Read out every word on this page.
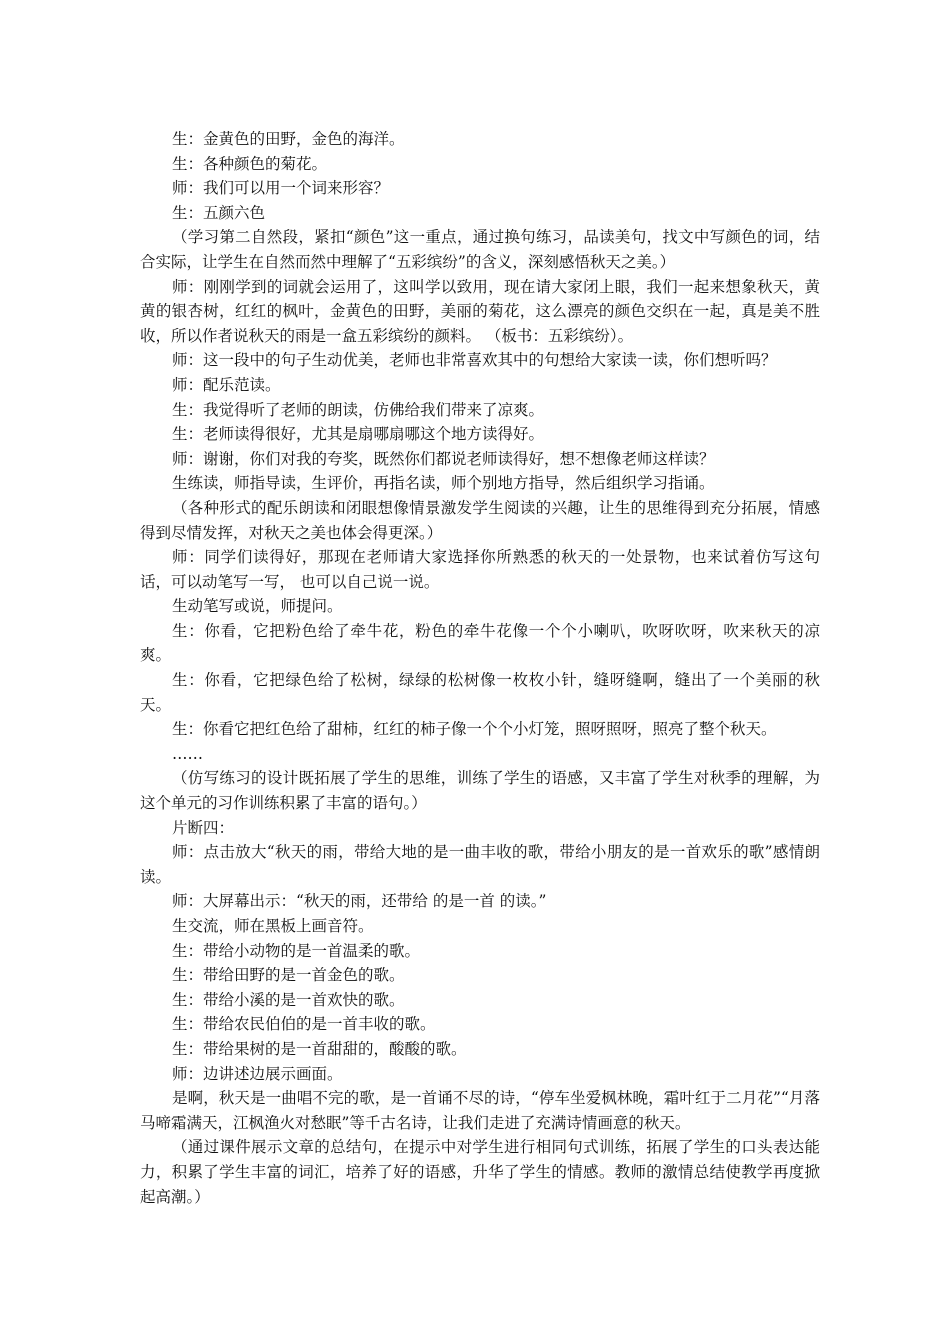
生：金黄色的田野，金色的海洋。

生：各种颜色的菊花。

师：我们可以用一个词来形容？

生：五颜六色

（学习第二自然段，紧扣“颜色”这一重点，通过换句练习，品读美句，找文中写颜色的词，结合实际，让学生在自然而然中理解了“五彩缤纷”的含义，深刻感悟秋天之美。）

师：刚刚学到的词就会运用了，这叫学以致用，现在请大家闭上眼，我们一起来想象秋天，黄黄的银杏树，红红的枫叶，金黄色的田野，美丽的菊花，这么漂亮的颜色交织在一起，真是美不胜收，所以作者说秋天的雨是一盒五彩缤纷的颜料。 （板书：五彩缤纷）。

师：这一段中的句子生动优美，老师也非常喜欢其中的句想给大家读一读，你们想听吗？

师：配乐范读。

生：我觉得听了老师的朗读，仿佛给我们带来了凉爽。

生：老师读得很好，尤其是扇哪扇哪这个地方读得好。

师：谢谢，你们对我的夸奖，既然你们都说老师读得好，想不想像老师这样读？

生练读，师指导读，生评价，再指名读，师个别地方指导，然后组织学习指诵。

（各种形式的配乐朗读和闭眼想像情景激发学生阅读的兴趣，让生的思维得到充分拓展，情感得到尽情发挥，对秋天之美也体会得更深。）

师：同学们读得好，那现在老师请大家选择你所熟悉的秋天的一处景物，也来试着仿写这句话，可以动笔写一写， 也可以自己说一说。

生动笔写或说，师提问。

生：你看，它把粉色给了牵牛花，粉色的牵牛花像一个个小喇叭，吹呀吹呀，吹来秋天的凉爽。

生：你看，它把绿色给了松树，绿绿的松树像一枚枚小针，缝呀缝啊，缝出了一个美丽的秋天。

生：你看它把红色给了甜柿，红红的柿子像一个个小灯笼，照呀照呀，照亮了整个秋天。

……

（仿写练习的设计既拓展了学生的思维，训练了学生的语感，又丰富了学生对秋季的理解，为这个单元的习作训练积累了丰富的语句。）

片断四：

师：点击放大“秋天的雨，带给大地的是一曲丰收的歌，带给小朋友的是一首欢乐的歌”感情朗读。

师：大屏幕出示：“秋天的雨，还带给 的是一首 的读。”

生交流，师在黑板上画音符。

生：带给小动物的是一首温柔的歌。

生：带给田野的是一首金色的歌。

生：带给小溪的是一首欢快的歌。

生：带给农民伯伯的是一首丰收的歌。

生：带给果树的是一首甜甜的，酸酸的歌。

师：边讲述边展示画面。

是啊，秋天是一曲唱不完的歌，是一首诵不尽的诗，“停车坐爱枫林晚，霜叶红于二月花”“月落马啼霜满天，江枫渔火对愁眠”等千古名诗，让我们走进了充满诗情画意的秋天。

（通过课件展示文章的总结句，在提示中对学生进行相同句式训练，拓展了学生的口头表达能力，积累了学生丰富的词汇，培养了好的语感，升华了学生的情感。教师的激情总结使教学再度掀起高潮。）
